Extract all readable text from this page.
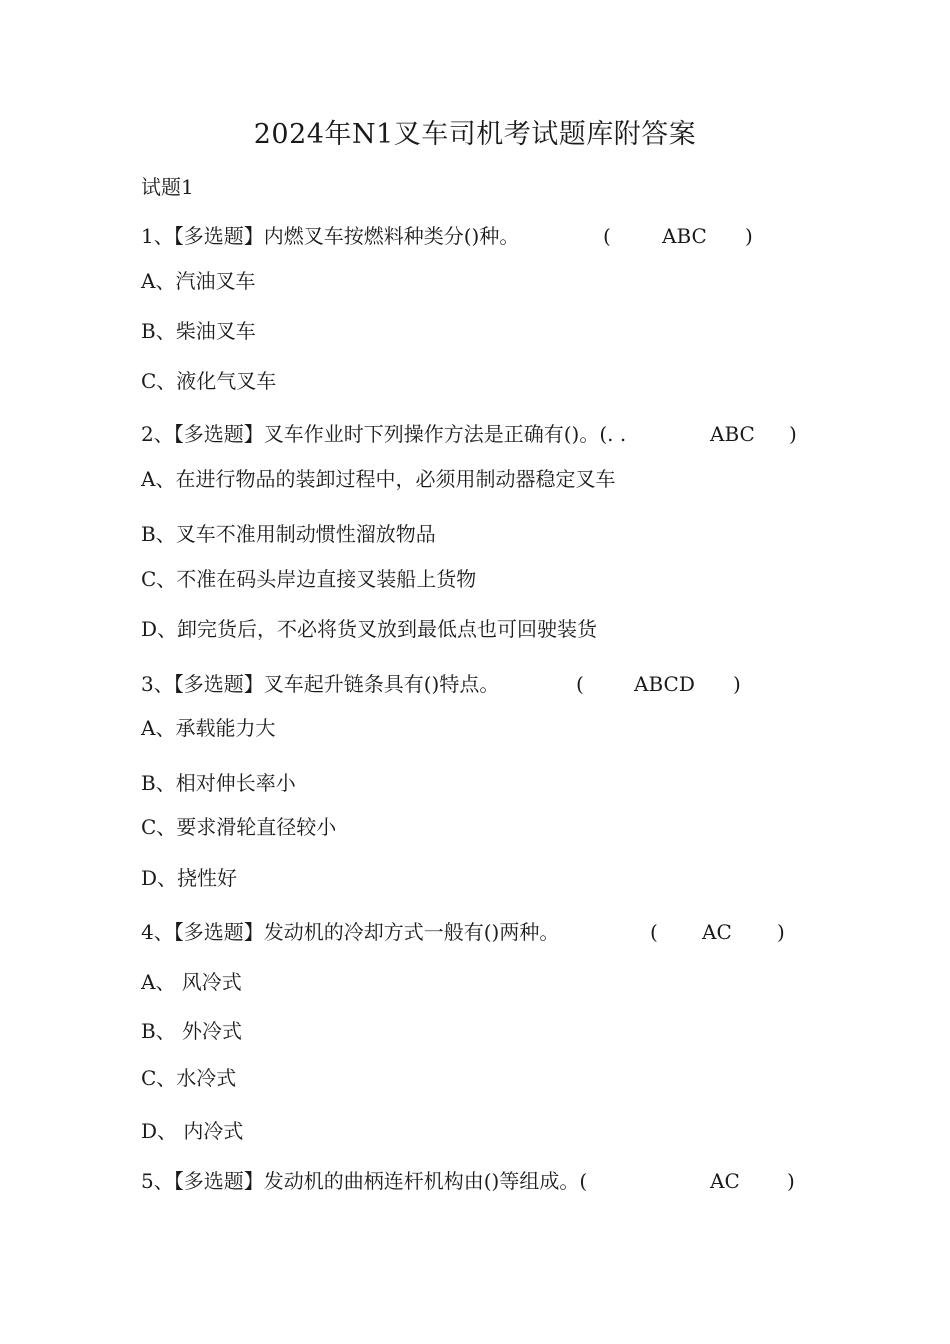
2024年N1叉车司机考试题库附答案
试题1
1、【多选题】内燃叉车按燃料种类分()种。	(	ABC )
A、汽油叉车
B、柴油叉车
C、液化气叉车
2、【多选题】叉车作业时下列操作方法是正确有()。(. .	ABC )
A、在进行物品的装卸过程中，必须用制动器稳定叉车
B、叉车不准用制动惯性溜放物品
C、不准在码头岸边直接叉装船上货物
D、卸完货后，不必将货叉放到最低点也可回驶装货
3、【多选题】叉车起升链条具有()特点。	(	ABCD )
A、承载能力大
B、相对伸长率小
C、要求滑轮直径较小
D、挠性好
4、【多选题】发动机的冷却方式一般有()两种。	( AC )
A、 风冷式
B、 外冷式
C、水冷式
D、 内冷式
5、【多选题】发动机的曲柄连杆机构由()等组成。(	AC )
